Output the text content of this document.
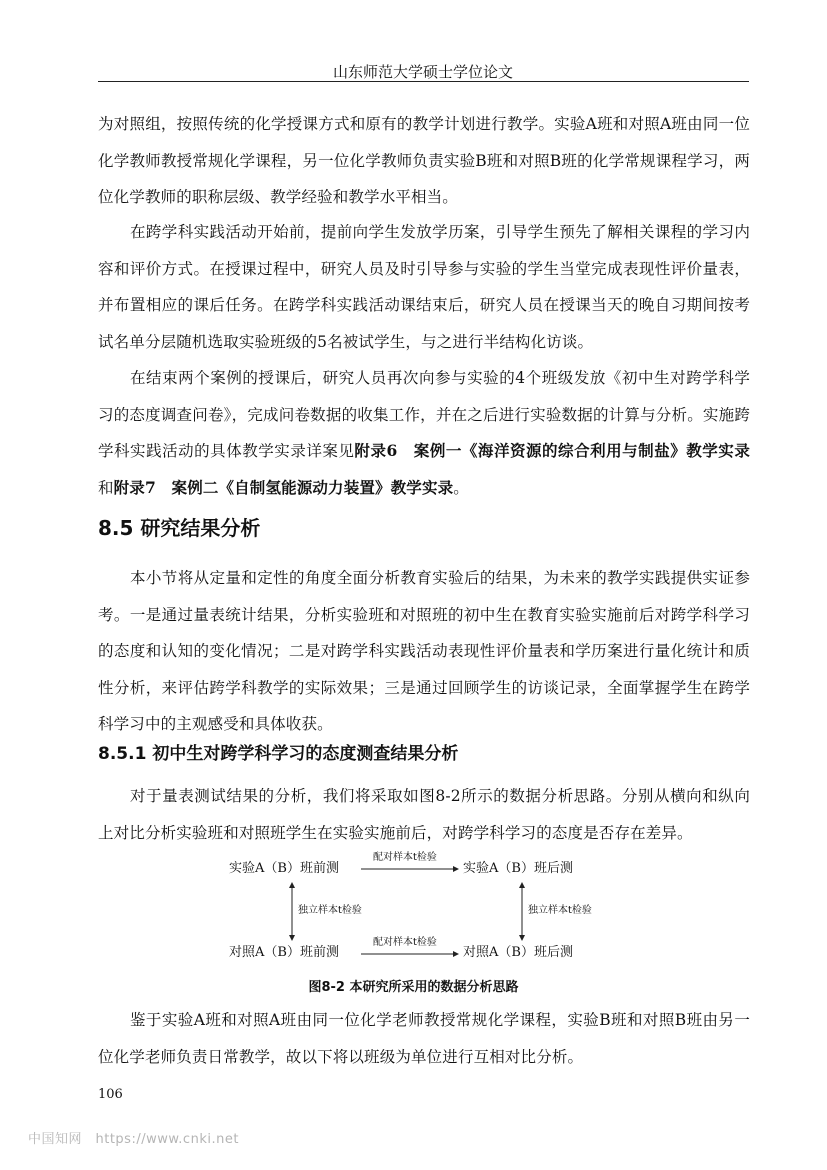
山东师范大学硕士学位论文

为对照组，按照传统的化学授课方式和原有的教学计划进行教学。实验A班和对照A班由同一位化学教师教授常规化学课程，另一位化学教师负责实验B班和对照B班的化学常规课程学习，两位化学教师的职称层级、教学经验和教学水平相当。

在跨学科实践活动开始前，提前向学生发放学历案，引导学生预先了解相关课程的学习内容和评价方式。在授课过程中，研究人员及时引导参与实验的学生当堂完成表现性评价量表，并布置相应的课后任务。在跨学科实践活动课结束后，研究人员在授课当天的晚自习期间按考试名单分层随机选取实验班级的5名被试学生，与之进行半结构化访谈。

在结束两个案例的授课后，研究人员再次向参与实验的4个班级发放《初中生对跨学科学习的态度调查问卷》，完成问卷数据的收集工作，并在之后进行实验数据的计算与分析。实施跨学科实践活动的具体教学实录详案见附录6　案例一《海洋资源的综合利用与制盐》教学实录和附录7　案例二《自制氢能源动力装置》教学实录。

8.5 研究结果分析

本小节将从定量和定性的角度全面分析教育实验后的结果，为未来的教学实践提供实证参考。一是通过量表统计结果，分析实验班和对照班的初中生在教育实验实施前后对跨学科学习的态度和认知的变化情况；二是对跨学科实践活动表现性评价量表和学历案进行量化统计和质性分析，来评估跨学科教学的实际效果；三是通过回顾学生的访谈记录，全面掌握学生在跨学科学习中的主观感受和具体收获。

8.5.1 初中生对跨学科学习的态度测查结果分析

对于量表测试结果的分析，我们将采取如图8-2所示的数据分析思路。分别从横向和纵向上对比分析实验班和对照班学生在实验实施前后，对跨学科学习的态度是否存在差异。

实验A（B）班前测	实验A（B）班后测
对照A（B）班前测	对照A（B）班后测
配对样本t检验
配对样本t检验
独立样本t检验	独立样本t检验
图8-2 本研究所采用的数据分析思路

鉴于实验A班和对照A班由同一位化学老师教授常规化学课程，实验B班和对照B班由另一位化学老师负责日常教学，故以下将以班级为单位进行互相对比分析。

106
中国知网　https://www.cnki.net
